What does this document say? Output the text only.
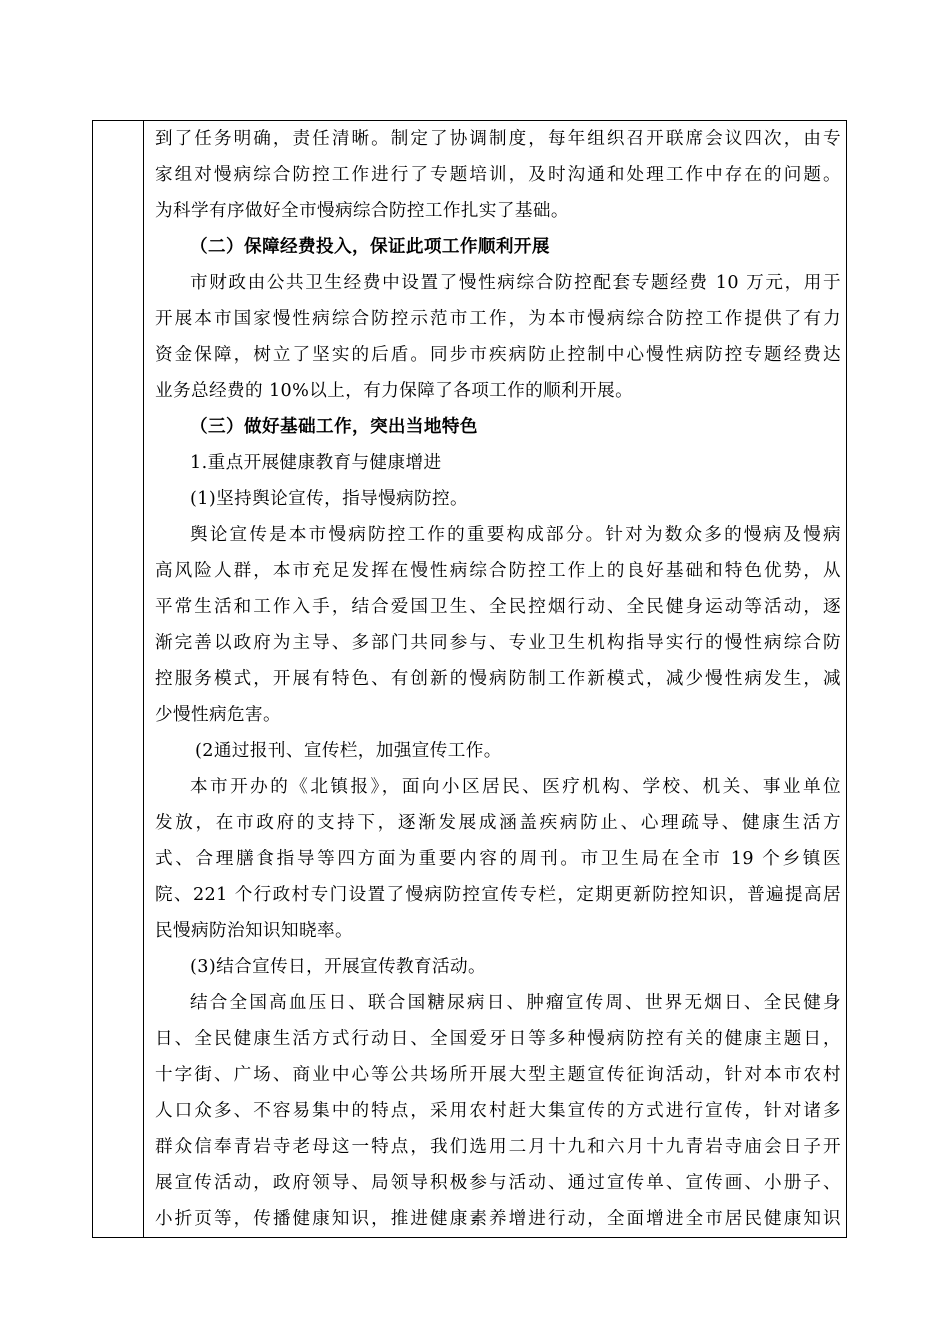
到了任务明确，责任清晰。制定了协调制度，每年组织召开联席会议四次，由专

家组对慢病综合防控工作进行了专题培训，及时沟通和处理工作中存在的问题。

为科学有序做好全市慢病综合防控工作扎实了基础。

（二）保障经费投入，保证此项工作顺利开展

市财政由公共卫生经费中设置了慢性病综合防控配套专题经费 10 万元，用于

开展本市国家慢性病综合防控示范市工作，为本市慢病综合防控工作提供了有力

资金保障，树立了坚实的后盾。同步市疾病防止控制中心慢性病防控专题经费达

业务总经费的 10%以上，有力保障了各项工作的顺利开展。

（三）做好基础工作，突出当地特色

1.重点开展健康教育与健康增进

(1)坚持舆论宣传，指导慢病防控。

舆论宣传是本市慢病防控工作的重要构成部分。针对为数众多的慢病及慢病

高风险人群，本市充足发挥在慢性病综合防控工作上的良好基础和特色优势，从

平常生活和工作入手，结合爱国卫生、全民控烟行动、全民健身运动等活动，逐

渐完善以政府为主导、多部门共同参与、专业卫生机构指导实行的慢性病综合防

控服务模式，开展有特色、有创新的慢病防制工作新模式，减少慢性病发生，减

少慢性病危害。

(2通过报刊、宣传栏，加强宣传工作。

本市开办的《北镇报》，面向小区居民、医疗机构、学校、机关、事业单位

发放，在市政府的支持下，逐渐发展成涵盖疾病防止、心理疏导、健康生活方

式、合理膳食指导等四方面为重要内容的周刊。市卫生局在全市 19 个乡镇医

院、221 个行政村专门设置了慢病防控宣传专栏，定期更新防控知识，普遍提高居

民慢病防治知识知晓率。

(3)结合宣传日，开展宣传教育活动。

结合全国高血压日、联合国糖尿病日、肿瘤宣传周、世界无烟日、全民健身

日、全民健康生活方式行动日、全国爱牙日等多种慢病防控有关的健康主题日，

十字街、广场、商业中心等公共场所开展大型主题宣传征询活动，针对本市农村

人口众多、不容易集中的特点，采用农村赶大集宣传的方式进行宣传，针对诸多

群众信奉青岩寺老母这一特点，我们选用二月十九和六月十九青岩寺庙会日子开

展宣传活动，政府领导、局领导积极参与活动、通过宣传单、宣传画、小册子、

小折页等，传播健康知识，推进健康素养增进行动，全面增进全市居民健康知识
